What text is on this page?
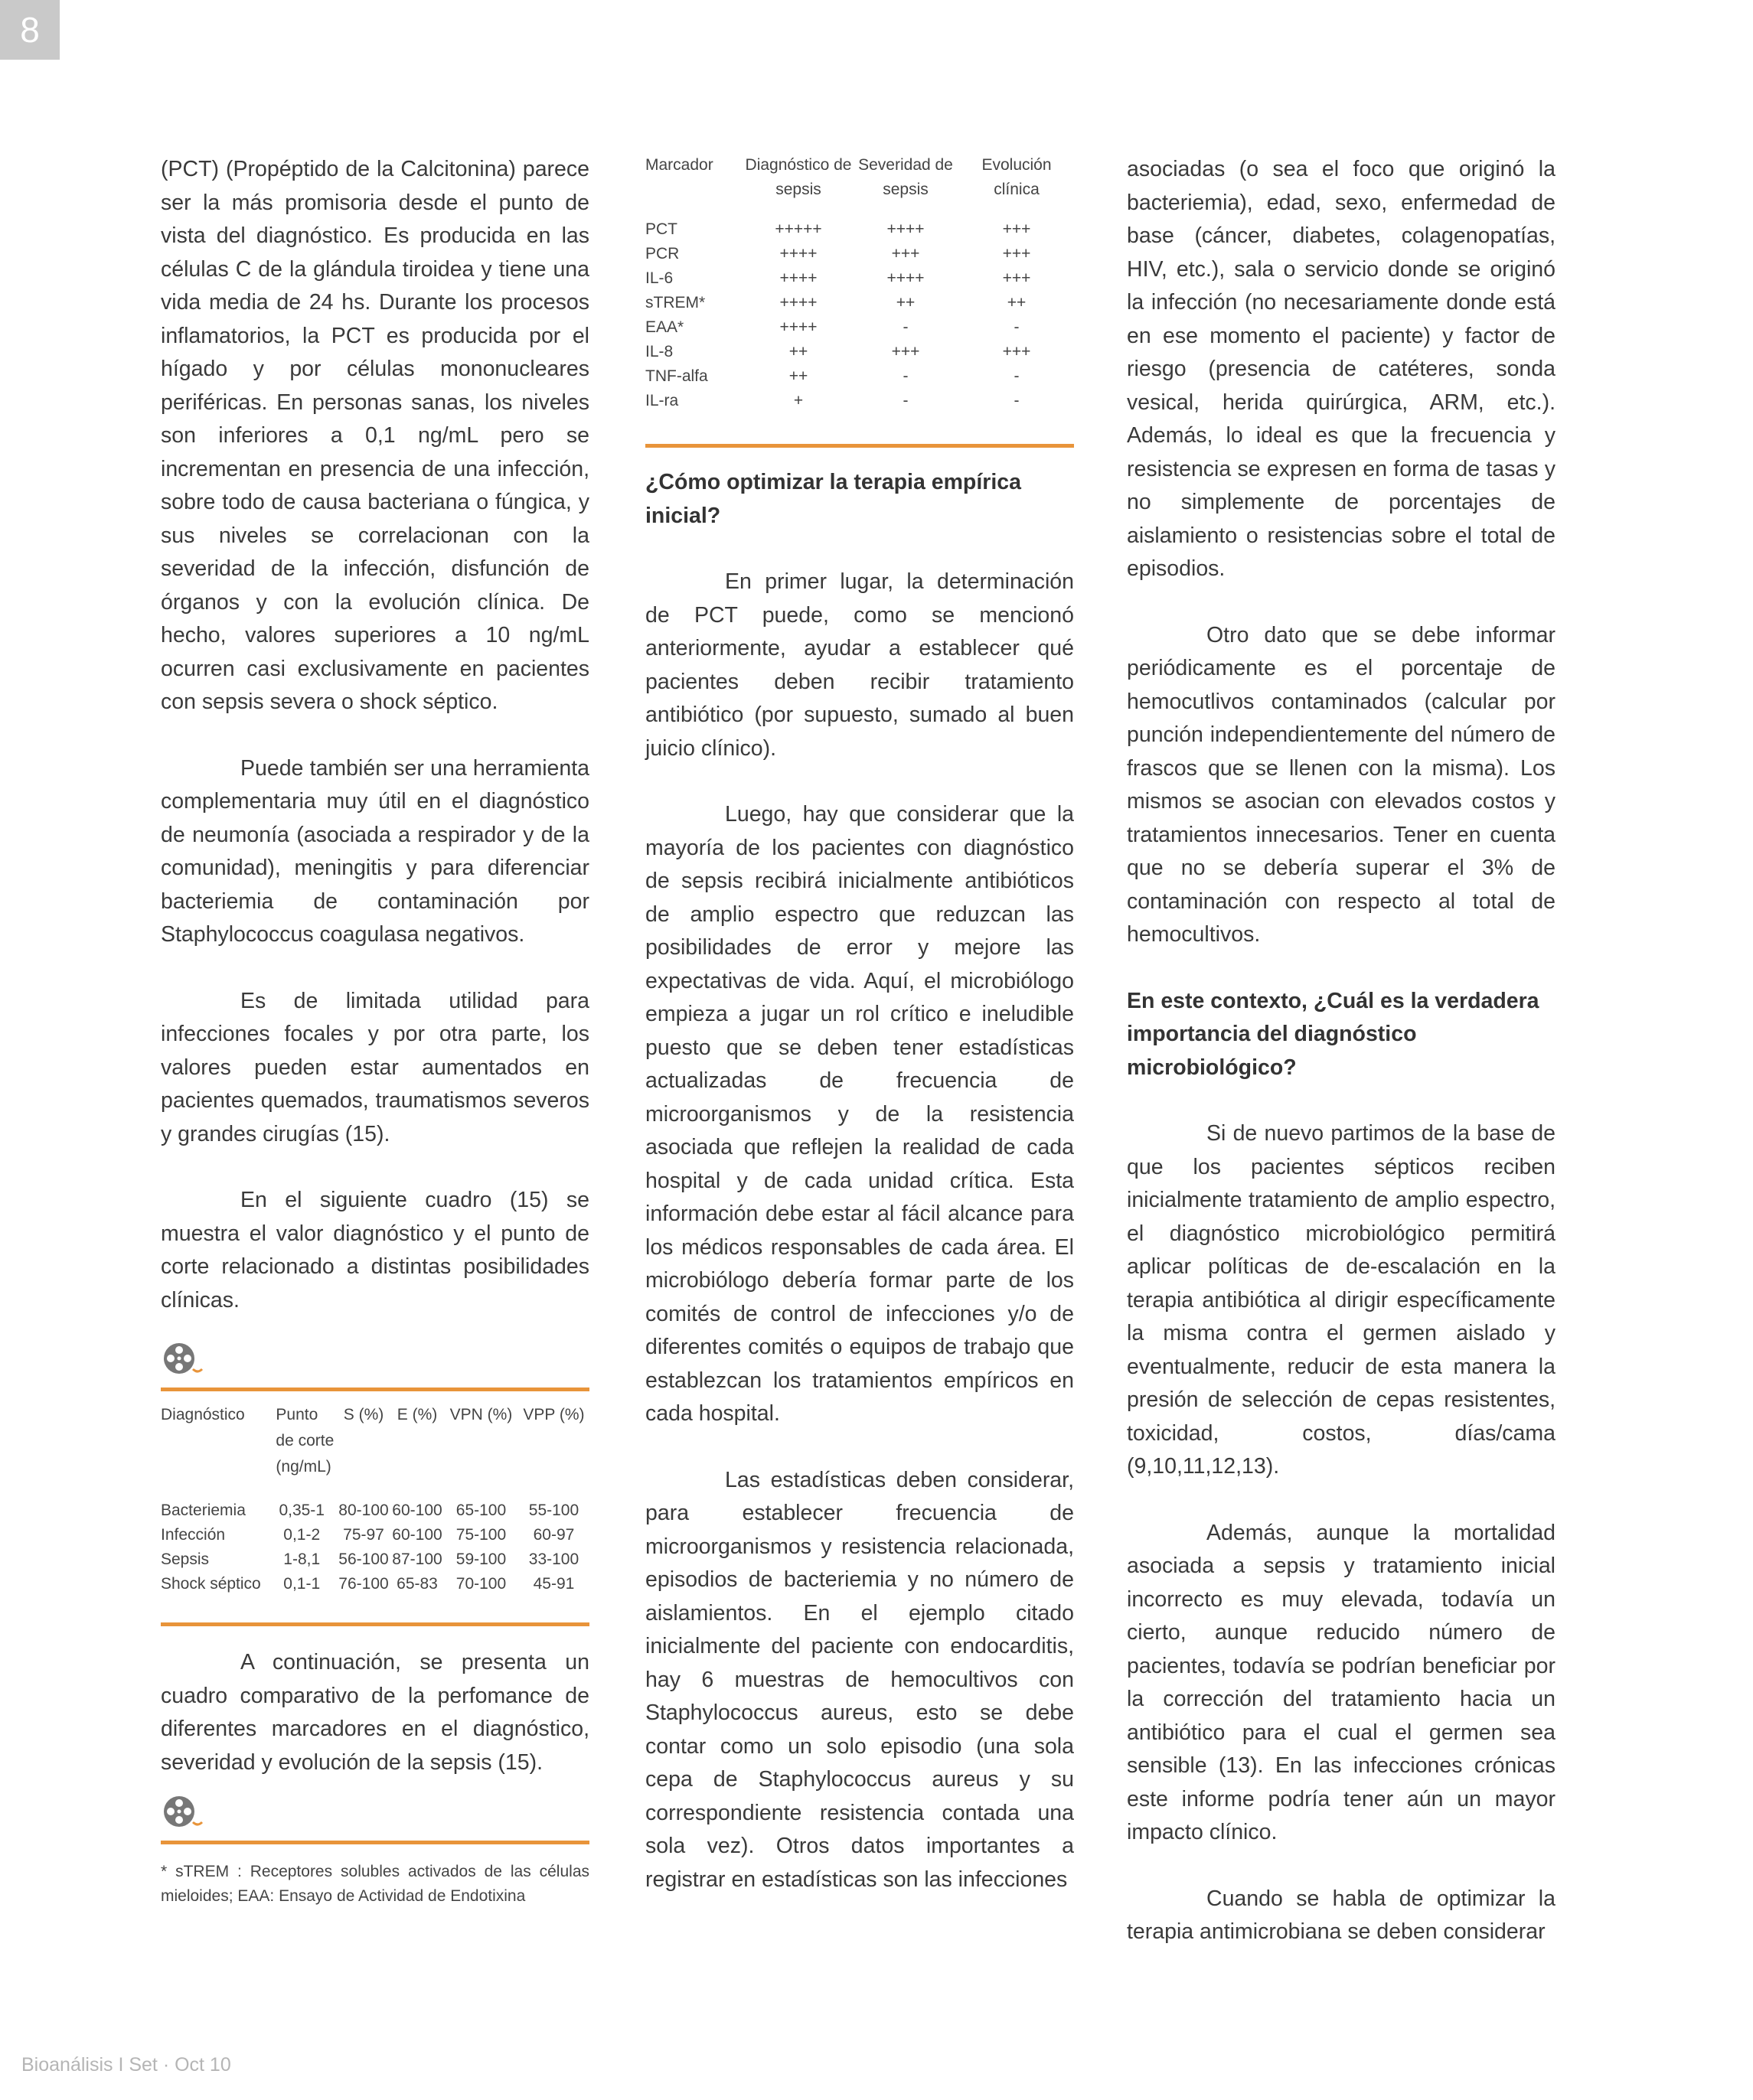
8

(PCT) (Propéptido de la Calcitonina) parece ser la más promisoria desde el punto de vista del diagnóstico. Es producida en las células C de la glándula tiroidea y tiene una vida media de 24 hs. Durante los procesos inflamatorios, la PCT es producida por el hígado y por células mononucleares periféricas. En personas sanas, los niveles son inferiores a 0,1 ng/mL pero se incrementan en presencia de una infección, sobre todo de causa bacteriana o fúngica, y sus niveles se correlacionan con la severidad de la infección, disfunción de órganos y con la evolución clínica. De hecho, valores superiores a 10 ng/mL ocurren casi exclusivamente en pacientes con sepsis severa o shock séptico.

Puede también ser una herramienta complementaria muy útil en el diagnóstico de neumonía (asociada a respirador y de la comunidad), meningitis y para diferenciar bacteriemia de contaminación por Staphylococcus coagulasa negativos.

Es de limitada utilidad para infecciones focales y por otra parte, los valores pueden estar aumentados en pacientes quemados, traumatismos severos y grandes cirugías (15).

En el siguiente cuadro (15) se muestra el valor diagnóstico y el punto de corte relacionado a distintas posibilidades clínicas.

Diagnóstico	Punto de corte (ng/mL)	S (%)	E (%)	VPN (%)	VPP (%)

Bacteriemia	0,35-1	80-100	60-100	65-100	55-100
Infección	0,1-2	75-97	60-100	75-100	60-97
Sepsis	1-8,1	56-100	87-100	59-100	33-100
Shock séptico	0,1-1	76-100	65-83	70-100	45-91

A continuación, se presenta un cuadro comparativo de la perfomance de diferentes marcadores en el diagnóstico, severidad y evolución de la sepsis (15).

* sTREM : Receptores solubles activados de las células mieloides; EAA: Ensayo de Actividad de Endotixina

Marcador	Diagnóstico de sepsis	Severidad de sepsis	Evolución clínica

PCT	+++++	++++	+++
PCR	++++	+++	+++
IL-6	++++	++++	+++
sTREM*	++++	++	++
EAA*	++++	-	-
IL-8	++	+++	+++
TNF-alfa	++	-	-
IL-ra	+	-	-
¿Cómo optimizar la terapia empírica inicial?

En primer lugar, la determinación de PCT puede, como se mencionó anteriormente, ayudar a establecer qué pacientes deben recibir tratamiento antibiótico (por supuesto, sumado al buen juicio clínico).

Luego, hay que considerar que la mayoría de los pacientes con diagnóstico de sepsis recibirá inicialmente antibióticos de amplio espectro que reduzcan las posibilidades de error y mejore las expectativas de vida. Aquí, el microbiólogo empieza a jugar un rol crítico e ineludible puesto que se deben tener estadísticas actualizadas de frecuencia de microorganismos y de la resistencia asociada que reflejen la realidad de cada hospital y de cada unidad crítica. Esta información debe estar al fácil alcance para los médicos responsables de cada área. El microbiólogo debería formar parte de los comités de control de infecciones y/o de diferentes comités o equipos de trabajo que establezcan los tratamientos empíricos en cada hospital.

Las estadísticas deben considerar, para establecer frecuencia de microorganismos y resistencia relacionada, episodios de bacteriemia y no número de aislamientos. En el ejemplo citado inicialmente del paciente con endocarditis, hay 6 muestras de hemocultivos con Staphylococcus aureus, esto se debe contar como un solo episodio (una sola cepa de Staphylococcus aureus y su correspondiente resistencia contada una sola vez). Otros datos importantes a registrar en estadísticas son las infecciones

asociadas (o sea el foco que originó la bacteriemia), edad, sexo, enfermedad de base (cáncer, diabetes, colagenopatías, HIV, etc.), sala o servicio donde se originó la infección (no necesariamente donde está en ese momento el paciente) y factor de riesgo (presencia de catéteres, sonda vesical, herida quirúrgica, ARM, etc.). Además, lo ideal es que la frecuencia y resistencia se expresen en forma de tasas y no simplemente de porcentajes de aislamiento o resistencias sobre el total de episodios.

Otro dato que se debe informar periódicamente es el porcentaje de hemocutlivos contaminados (calcular por punción independientemente del número de frascos que se llenen con la misma). Los mismos se asocian con elevados costos y tratamientos innecesarios. Tener en cuenta que no se debería superar el 3% de contaminación con respecto al total de hemocultivos.

En este contexto, ¿Cuál es la verdadera importancia del diagnóstico microbiológico?

Si de nuevo partimos de la base de que los pacientes sépticos reciben inicialmente tratamiento de amplio espectro, el diagnóstico microbiológico permitirá aplicar políticas de de-escalación en la terapia antibiótica al dirigir específicamente la misma contra el germen aislado y eventualmente, reducir de esta manera la presión de selección de cepas resistentes, toxicidad, costos, días/cama (9,10,11,12,13).

Además, aunque la mortalidad asociada a sepsis y tratamiento inicial incorrecto es muy elevada, todavía un cierto, aunque reducido número de pacientes, todavía se podrían beneficiar por la corrección del tratamiento hacia un antibiótico para el cual el germen sea sensible (13). En las infecciones crónicas este informe podría tener aún un mayor impacto clínico.

Cuando se habla de optimizar la terapia antimicrobiana se deben considerar

Bioanálisis I Set · Oct 10
